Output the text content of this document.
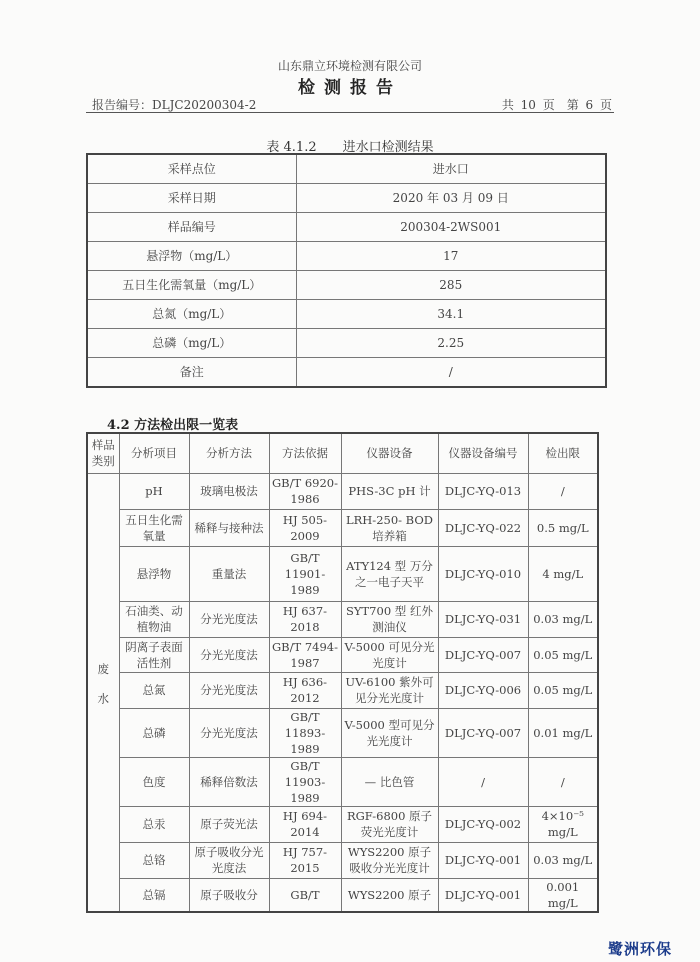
山东鼎立环境检测有限公司
检测报告
报告编号：DLJC20200304-2	共 10 页　第 6 页
表 4.1.2　　进水口检测结果
采样点位	进水口
采样日期	2020 年 03 月 09 日
样品编号	200304-2WS001
悬浮物（mg/L）	17
五日生化需氧量（mg/L）	285
总氮（mg/L）	34.1
总磷（mg/L）	2.25
备注	/
4.2 方法检出限一览表
样品类别	分析项目	分析方法	方法依据	仪器设备	仪器设备编号	检出限
废水	pH	玻璃电极法	GB/T 6920-1986	PHS-3C pH 计	DLJC-YQ-013	/
	五日生化需氧量	稀释与接种法	HJ 505-2009	LRH-250- BOD 培养箱	DLJC-YQ-022	0.5 mg/L
	悬浮物	重量法	GB/T 11901-1989	ATY124 型 万分之一电子天平	DLJC-YQ-010	4 mg/L
	石油类、动植物油	分光光度法	HJ 637-2018	SYT700 型 红外测油仪	DLJC-YQ-031	0.03 mg/L
	阴离子表面活性剂	分光光度法	GB/T 7494-1987	V-5000 可见分光光度计	DLJC-YQ-007	0.05 mg/L
	总氮	分光光度法	HJ 636-2012	UV-6100 紫外可见分光光度计	DLJC-YQ-006	0.05 mg/L
	总磷	分光光度法	GB/T 11893-1989	V-5000 型可见分光光度计	DLJC-YQ-007	0.01 mg/L
	色度	稀释倍数法	GB/T 11903-1989	— 比色管	/	/
	总汞	原子荧光法	HJ 694-2014	RGF-6800 原子荧光光度计	DLJC-YQ-002	4×10⁻⁵ mg/L
	总铬	原子吸收分光光度法	HJ 757-2015	WYS2200 原子吸收分光光度计	DLJC-YQ-001	0.03 mg/L
	总镉	原子吸收分	GB/T	WYS2200 原子	DLJC-YQ-001	0.001 mg/L
鹭洲环保
